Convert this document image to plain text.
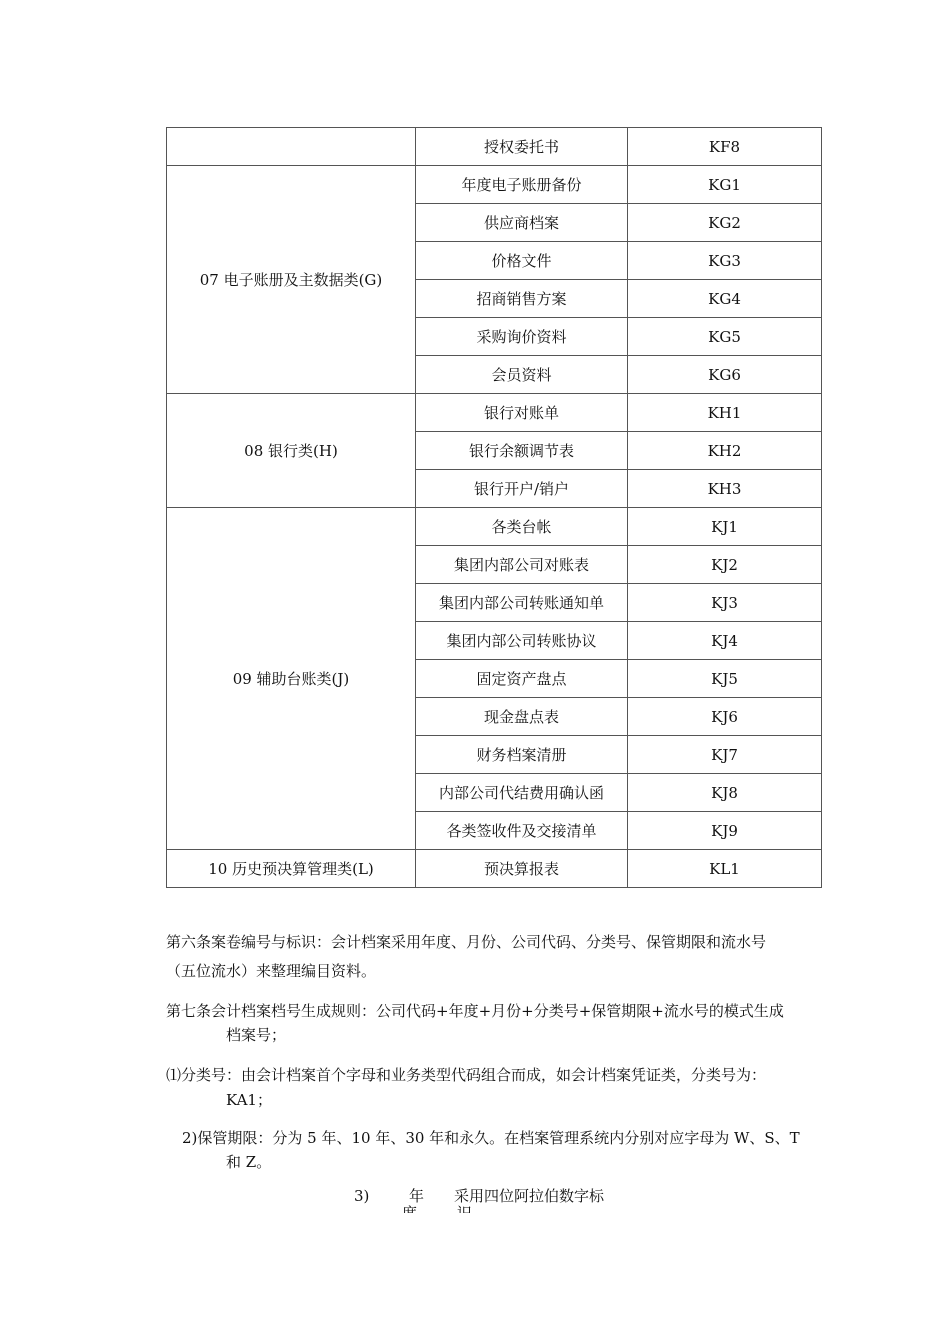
	授权委托书	KF8
07 电子账册及主数据类(G)	年度电子账册备份	KG1
	供应商档案	KG2
	价格文件	KG3
	招商销售方案	KG4
	采购询价资料	KG5
	会员资料	KG6
08 银行类(H)	银行对账单	KH1
	银行余额调节表	KH2
	银行开户/销户	KH3
09 辅助台账类(J)	各类台帐	KJ1
	集团内部公司对账表	KJ2
	集团内部公司转账通知单	KJ3
	集团内部公司转账协议	KJ4
	固定资产盘点	KJ5
	现金盘点表	KJ6
	财务档案清册	KJ7
	内部公司代结费用确认函	KJ8
	各类签收件及交接清单	KJ9
10 历史预决算管理类(L)	预决算报表	KL1
第六条案卷编号与标识：会计档案采用年度、月份、公司代码、分类号、保管期限和流水号
（五位流水）来整理编目资料。
第七条会计档案档号生成规则：公司代码+年度+月份+分类号+保管期限+流水号的模式生成
档案号；
⑴分类号：由会计档案首个字母和业务类型代码组合而成，如会计档案凭证类，分类号为：
KA1；
2)保管期限：分为 5 年、10 年、30 年和永久。在档案管理系统内分别对应字母为 W、S、T
和 Z。
3)	年 采用四位阿拉伯数字标
